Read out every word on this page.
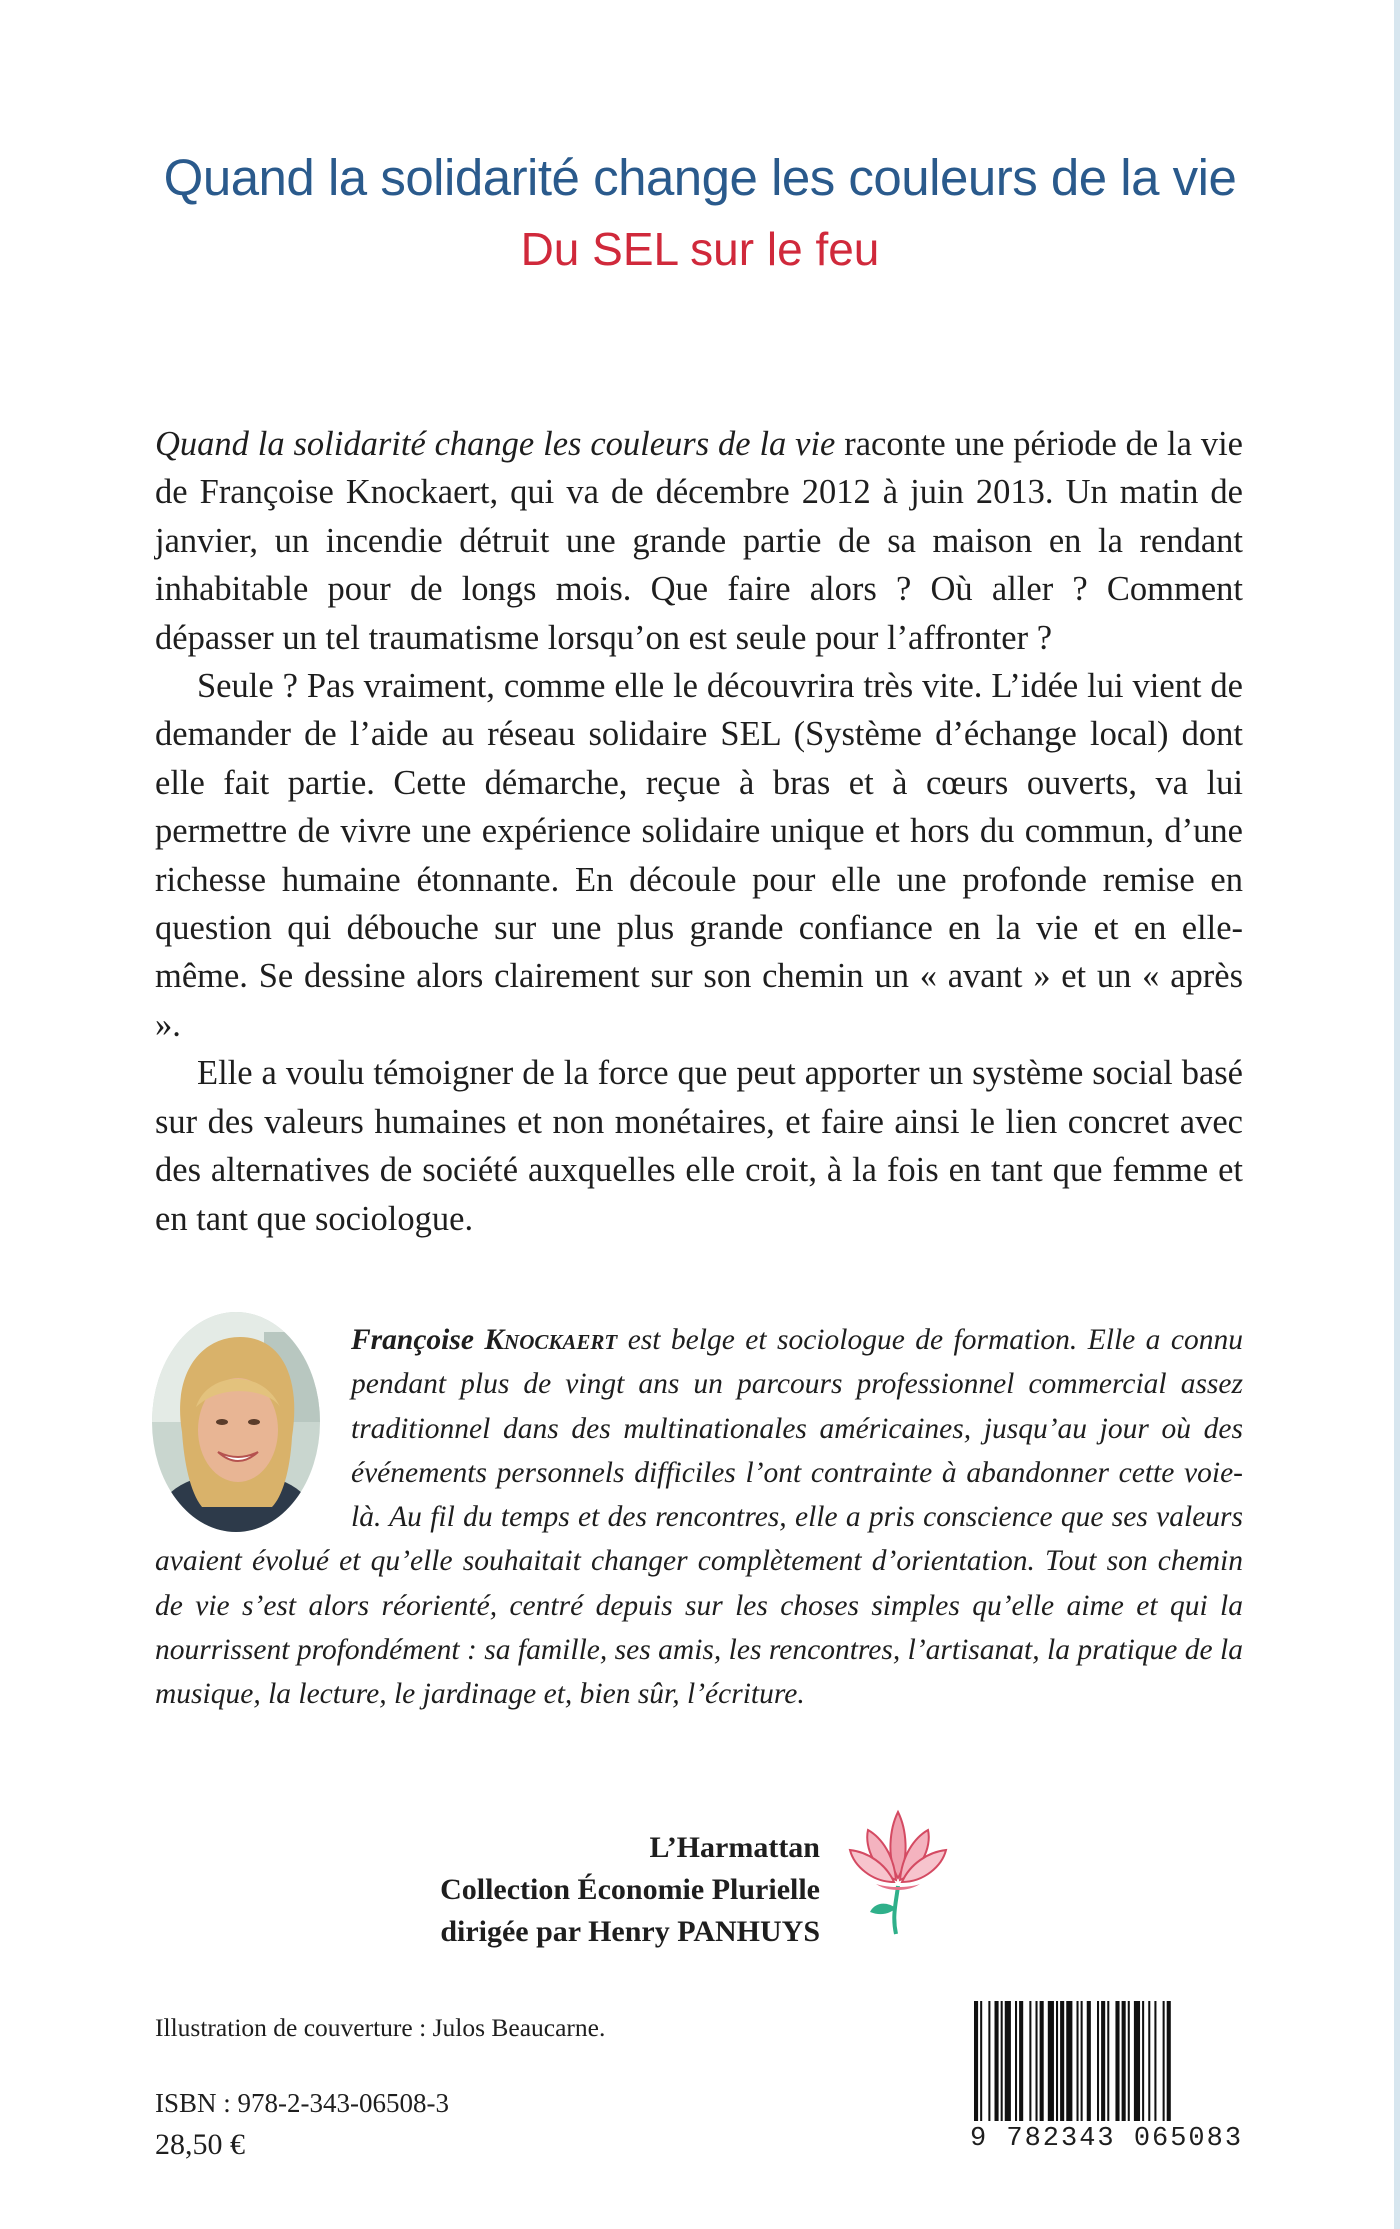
Quand la solidarité change les couleurs de la vie
Du SEL sur le feu

Quand la solidarité change les couleurs de la vie raconte une période de la vie de Françoise Knockaert, qui va de décembre 2012 à juin 2013. Un matin de janvier, un incendie détruit une grande partie de sa maison en la rendant inhabitable pour de longs mois. Que faire alors ? Où aller ? Comment dépasser un tel traumatisme lorsqu’on est seule pour l’affronter ?

Seule ? Pas vraiment, comme elle le découvrira très vite. L’idée lui vient de demander de l’aide au réseau solidaire SEL (Système d’échange local) dont elle fait partie. Cette démarche, reçue à bras et à cœurs ouverts, va lui permettre de vivre une expérience solidaire unique et hors du commun, d’une richesse humaine étonnante. En découle pour elle une profonde remise en question qui débouche sur une plus grande confiance en la vie et en elle-même. Se dessine alors clairement sur son chemin un « avant » et un « après ».

Elle a voulu témoigner de la force que peut apporter un système social basé sur des valeurs humaines et non monétaires, et faire ainsi le lien concret avec des alternatives de société auxquelles elle croit, à la fois en tant que femme et en tant que sociologue.

Françoise Knockaert est belge et sociologue de formation. Elle a connu pendant plus de vingt ans un parcours professionnel commercial assez traditionnel dans des multinationales américaines, jusqu’au jour où des événements personnels difficiles l’ont contrainte à abandonner cette voie-là. Au fil du temps et des rencontres, elle a pris conscience que ses valeurs avaient évolué et qu’elle souhaitait changer complètement d’orientation. Tout son chemin de vie s’est alors réorienté, centré depuis sur les choses simples qu’elle aime et qui la nourrissent profondément : sa famille, ses amis, les rencontres, l’artisanat, la pratique de la musique, la lecture, le jardinage et, bien sûr, l’écriture.
L’Harmattan
Collection Économie Plurielle
dirigée par Henry PANHUYS
Illustration de couverture : Julos Beaucarne.
ISBN : 978-2-343-06508-3
28,50 €	9 782343 065083
